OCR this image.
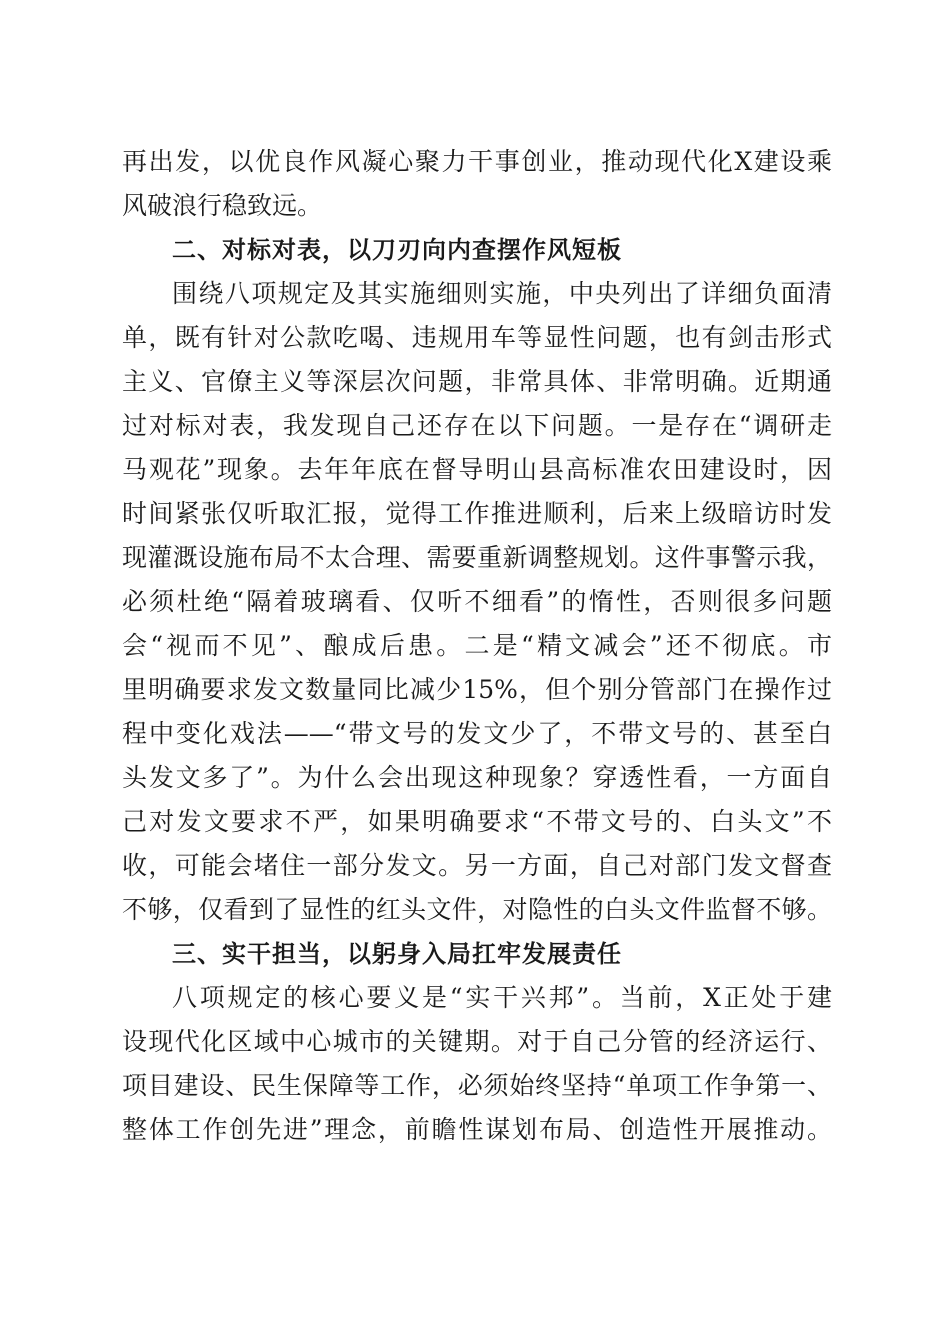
再出发，以优良作风凝心聚力干事创业，推动现代化X建设乘
风破浪行稳致远。
二、对标对表，以刀刃向内查摆作风短板
围绕八项规定及其实施细则实施，中央列出了详细负面清
单，既有针对公款吃喝、违规用车等显性问题，也有剑击形式
主义、官僚主义等深层次问题，非常具体、非常明确。近期通
过对标对表，我发现自己还存在以下问题。一是存在“调研走
马观花”现象。去年年底在督导明山县高标准农田建设时，因
时间紧张仅听取汇报，觉得工作推进顺利，后来上级暗访时发
现灌溉设施布局不太合理、需要重新调整规划。这件事警示我，
必须杜绝“隔着玻璃看、仅听不细看”的惰性，否则很多问题
会“视而不见”、酿成后患。二是“精文减会”还不彻底。市
里明确要求发文数量同比减少15%，但个别分管部门在操作过
程中变化戏法——“带文号的发文少了，不带文号的、甚至白
头发文多了”。为什么会出现这种现象？穿透性看，一方面自
己对发文要求不严，如果明确要求“不带文号的、白头文”不
收，可能会堵住一部分发文。另一方面，自己对部门发文督查
不够，仅看到了显性的红头文件，对隐性的白头文件监督不够。
三、实干担当，以躬身入局扛牢发展责任
八项规定的核心要义是“实干兴邦”。当前，X正处于建
设现代化区域中心城市的关键期。对于自己分管的经济运行、
项目建设、民生保障等工作，必须始终坚持“单项工作争第一、
整体工作创先进”理念，前瞻性谋划布局、创造性开展推动。
